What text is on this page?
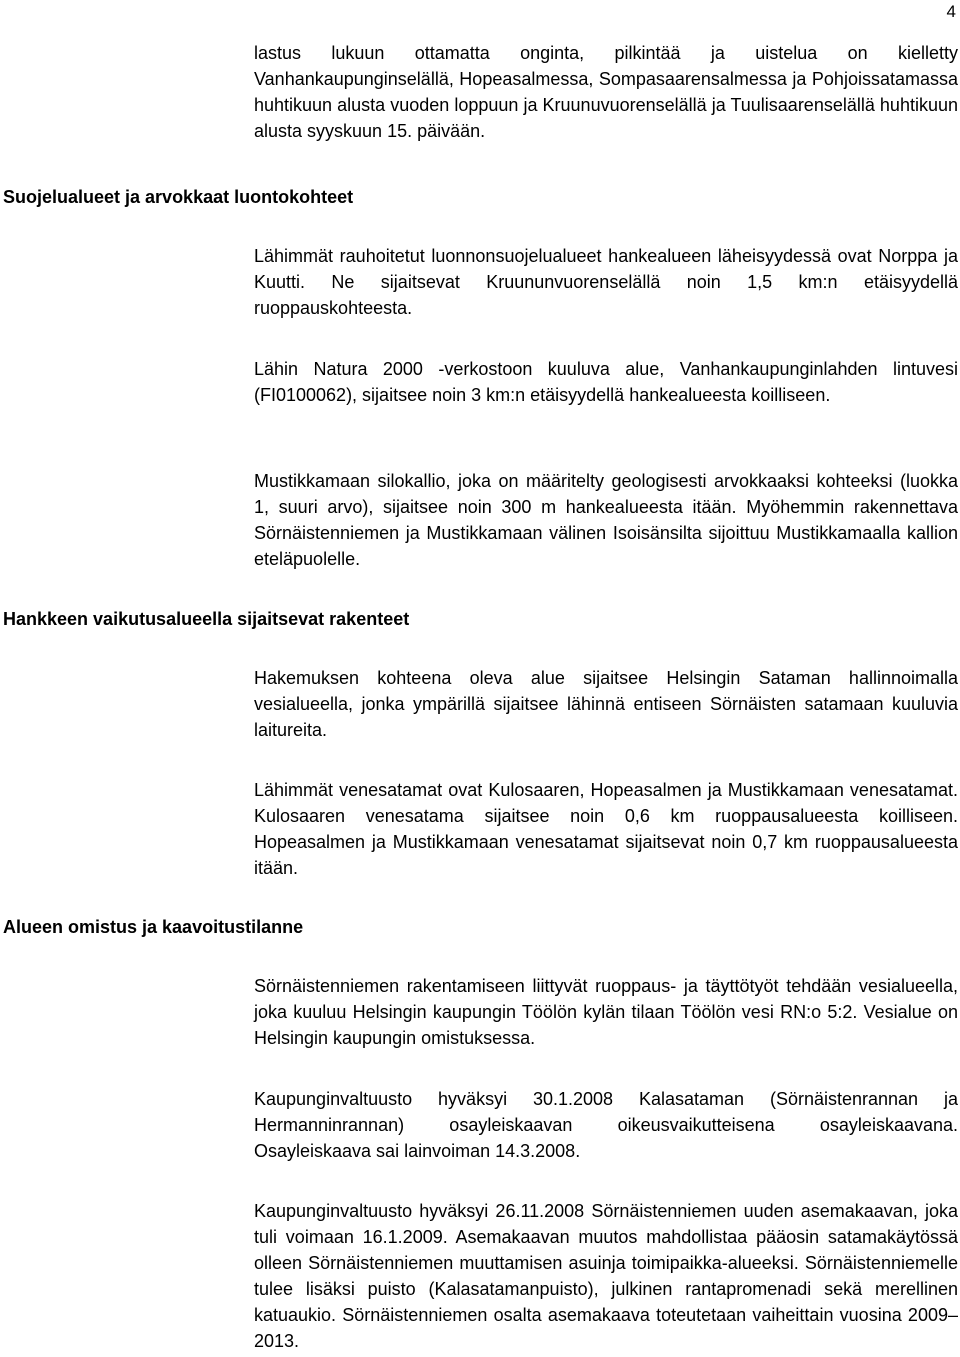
4

lastus lukuun ottamatta onginta, pilkintää ja uistelua on kielletty Vanhankaupunginselällä, Hopeasalmessa, Sompasaarensalmessa ja Pohjoissatamassa huhtikuun alusta vuoden loppuun ja Kruunuvuorenselällä ja Tuulisaarenselällä huhtikuun alusta syyskuun 15. päivään.

Suojelualueet ja arvokkaat luontokohteet

Lähimmät rauhoitetut luonnonsuojelualueet hankealueen läheisyydessä ovat Norppa ja Kuutti. Ne sijaitsevat Kruununvuorenselällä noin 1,5 km:n etäisyydellä ruoppauskohteesta.

Lähin Natura 2000 -verkostoon kuuluva alue, Vanhankaupunginlahden lintuvesi (FI0100062), sijaitsee noin 3 km:n etäisyydellä hankealueesta koilliseen.

Mustikkamaan silokallio, joka on määritelty geologisesti arvokkaaksi kohteeksi (luokka 1, suuri arvo), sijaitsee noin 300 m hankealueesta itään. Myöhemmin rakennettava Sörnäistenniemen ja Mustikkamaan välinen Isoisänsilta sijoittuu Mustikkamaalla kallion eteläpuolelle.

Hankkeen vaikutusalueella sijaitsevat rakenteet

Hakemuksen kohteena oleva alue sijaitsee Helsingin Sataman hallinnoimalla vesialueella, jonka ympärillä sijaitsee lähinnä entiseen Sörnäisten satamaan kuuluvia laitureita.

Lähimmät venesatamat ovat Kulosaaren, Hopeasalmen ja Mustikkamaan venesatamat. Kulosaaren venesatama sijaitsee noin 0,6 km ruoppausalueesta koilliseen. Hopeasalmen ja Mustikkamaan venesatamat sijaitsevat noin 0,7 km ruoppausalueesta itään.

Alueen omistus ja kaavoitustilanne

Sörnäistenniemen rakentamiseen liittyvät ruoppaus- ja täyttötyöt tehdään vesialueella, joka kuuluu Helsingin kaupungin Töölön kylän tilaan Töölön vesi RN:o 5:2. Vesialue on Helsingin kaupungin omistuksessa.

Kaupunginvaltuusto hyväksyi 30.1.2008 Kalasataman (Sörnäistenrannan ja Hermanninrannan) osayleiskaavan oikeusvaikutteisena osayleiskaavana. Osayleiskaava sai lainvoiman 14.3.2008.

Kaupunginvaltuusto hyväksyi 26.11.2008 Sörnäistenniemen uuden asemakaavan, joka tuli voimaan 16.1.2009. Asemakaavan muutos mahdollistaa pääosin satamakäytössä olleen Sörnäistenniemen muuttamisen asuinja toimipaikka-alueeksi. Sörnäistenniemelle tulee lisäksi puisto (Kalasatamanpuisto), julkinen rantapromenadi sekä merellinen katuaukio. Sörnäistenniemen osalta asemakaava toteutetaan vaiheittain vuosina 2009–2013.
